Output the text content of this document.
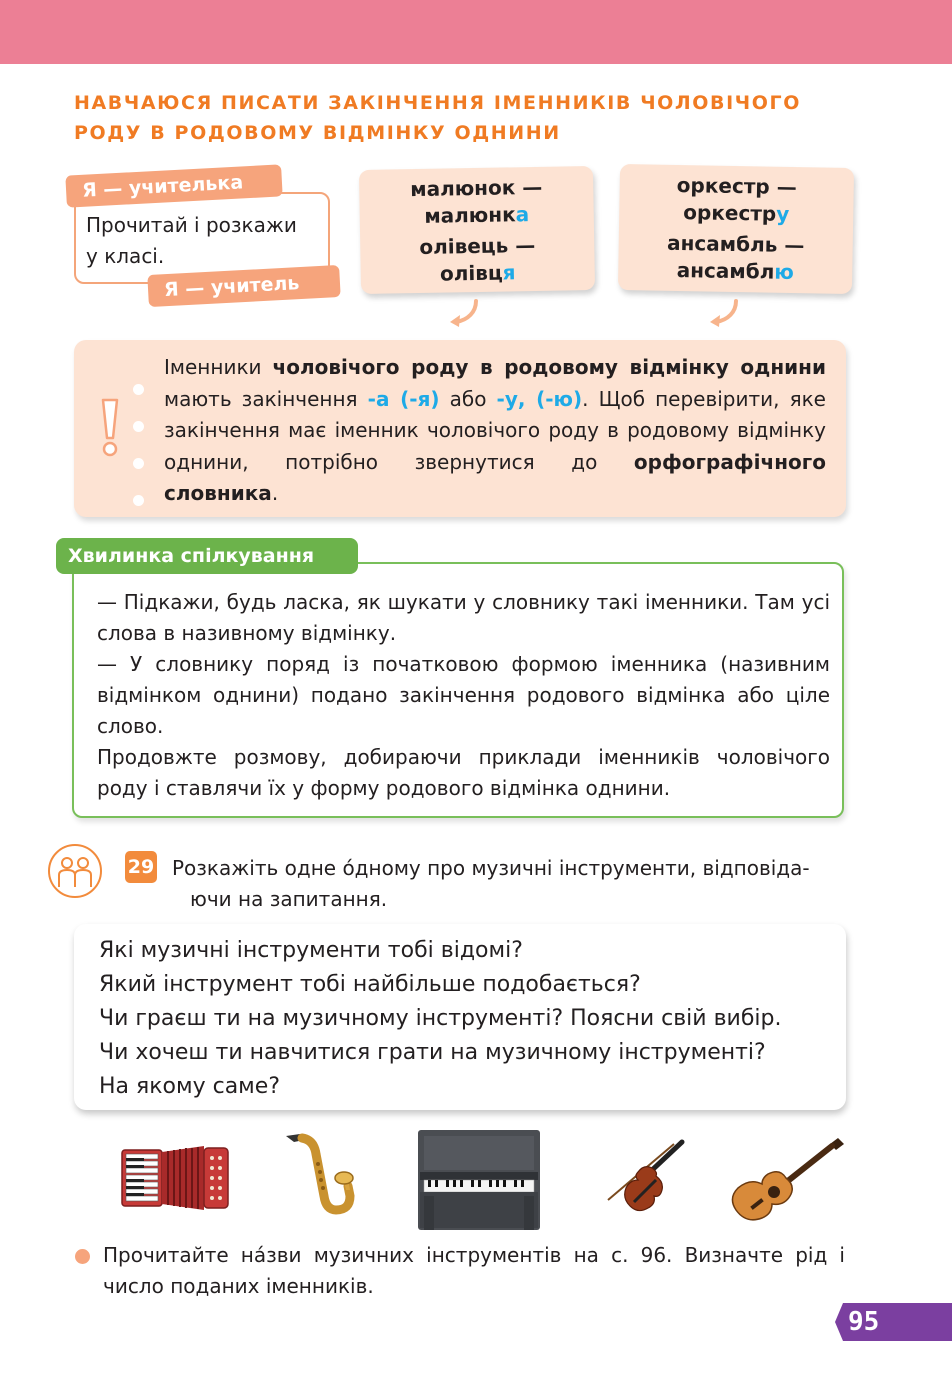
НАВЧАЮСЯ ПИСАТИ ЗАКІНЧЕННЯ ІМЕННИКІВ ЧОЛОВІЧОГО
РОДУ В РОДОВОМУ ВІДМІНКУ ОДНИНИ
Прочитай і розкажи
у класі.
Я — учителька
Я — учитель
малюнок —
малюнка
олівець —
олівця
оркестр —
оркестру
ансамбль —
ансамблю
Іменники чоловічого роду в родовому відмінку однини мають закінчення -а (-я) або -у, (-ю). Щоб перевірити, яке закінчення має іменник чоловічого роду в родовому відмінку однини, потрібно звернутися до орфографічного словника.
Хвилинка спілкування

— Підкажи, будь ласка, як шукати у словнику такі іменники. Там усі слова в називному відмінку.

— У словнику поряд із початковою формою іменника (називним відмінком однини) подано закінчення родового відмінка або ціле слово.

Продовжте розмову, добираючи приклади іменників чоловічого роду і ставлячи їх у форму родового відмінка однини.

29 Розкажіть одне о́дному про музичні інструменти, відповіда-
ючи на запитання.
Які музичні інструменти тобі відомі?
Який інструмент тобі найбільше подобається?
Чи граєш ти на музичному інструменті? Поясни свій вибір.
Чи хочеш ти навчитися грати на музичному інструменті?
На якому саме?
Прочитайте на́зви музичних інструментів на с. 96. Визначте рід і число поданих іменників.
95
